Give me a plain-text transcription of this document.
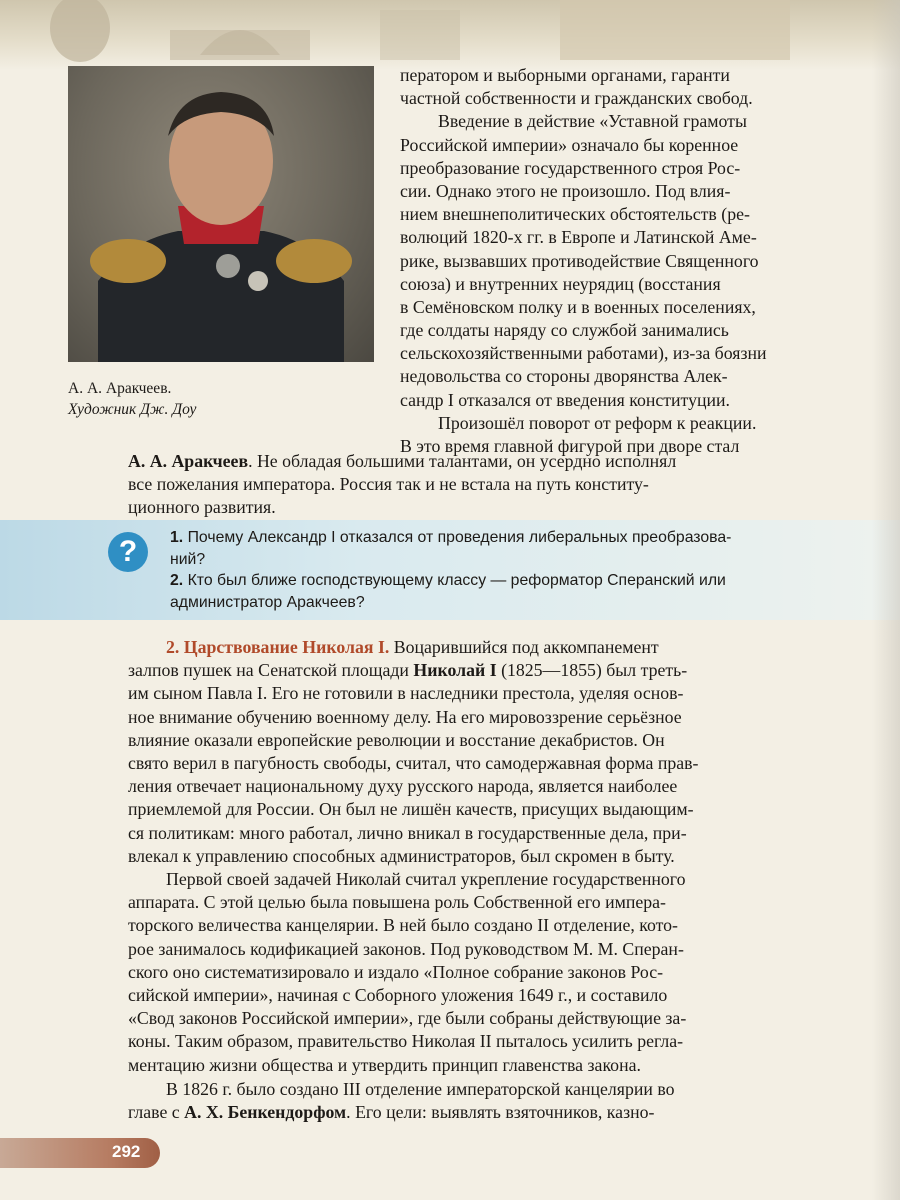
А. А. Аракчеев.
Художник Дж. Доу
ператором и выборными органами, гаранти
частной собственности и гражданских свобод.
Введение в действие «Уставной грамоты
Российской империи» означало бы коренное
преобразование государственного строя Рос-
сии. Однако этого не произошло. Под влия-
нием внешнеполитических обстоятельств (ре-
волюций 1820-х гг. в Европе и Латинской Аме-
рике, вызвавших противодействие Священного
союза) и внутренних неурядиц (восстания
в Семёновском полку и в военных поселениях,
где солдаты наряду со службой занимались
сельскохозяйственными работами), из-за боязни
недовольства со стороны дворянства Алек-
сандр I отказался от введения конституции.
Произошёл поворот от реформ к реакции.
В это время главной фигурой при дворе стал
А. А. Аракчеев. Не обладая большими талантами, он усердно исполнял
все пожелания императора. Россия так и не встала на путь конститу-
ционного развития.
?	1. Почему Александр I отказался от проведения либеральных преобразова-
ний?
2. Кто был ближе господствующему классу — реформатор Сперанский или
администратор Аракчеев?
2. Царствование Николая I. Воцарившийся под аккомпанемент
залпов пушек на Сенатской площади Николай I (1825—1855) был треть-
им сыном Павла I. Его не готовили в наследники престола, уделяя основ-
ное внимание обучению военному делу. На его мировоззрение серьёзное
влияние оказали европейские революции и восстание декабристов. Он
свято верил в пагубность свободы, считал, что самодержавная форма прав-
ления отвечает национальному духу русского народа, является наиболее
приемлемой для России. Он был не лишён качеств, присущих выдающим-
ся политикам: много работал, лично вникал в государственные дела, при-
влекал к управлению способных администраторов, был скромен в быту.
Первой своей задачей Николай считал укрепление государственного
аппарата. С этой целью была повышена роль Собственной его импера-
торского величества канцелярии. В ней было создано II отделение, кото-
рое занималось кодификацией законов. Под руководством М. М. Сперан-
ского оно систематизировало и издало «Полное собрание законов Рос-
сийской империи», начиная с Соборного уложения 1649 г., и составило
«Свод законов Российской империи», где были собраны действующие за-
коны. Таким образом, правительство Николая II пыталось усилить регла-
ментацию жизни общества и утвердить принцип главенства закона.
В 1826 г. было создано III отделение императорской канцелярии во
главе с А. Х. Бенкендорфом. Его цели: выявлять взяточников, казно-
292
